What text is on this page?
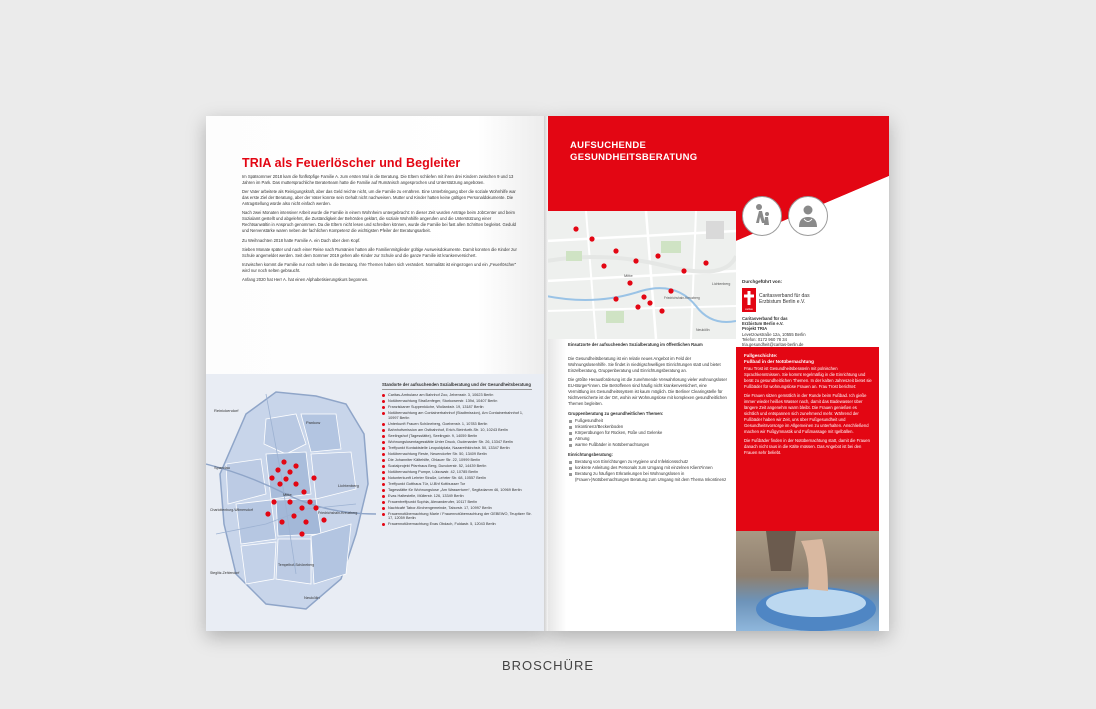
TRIA als Feuerlöscher und Begleiter

Im Spätsommer 2018 kam die fünfköpfige Familie A. zum ersten Mal in die Beratung. Die Eltern schliefen mit ihren drei Kindern zwischen 9 und 13 Jahren im Park. Das muttersprachliche Beraterteam hatte die Familie auf Rumänisch angesprochen und Unterstützung angeboten.

Der Vater arbeitete als Reinigungskraft, aber das Geld reichte nicht, um die Familie zu ernähren. Eine Unterbringung über die soziale Wohnhilfe war das erste Ziel der Beratung, aber der Vater konnte sein Gehalt nicht nachweisen. Mutter und Kinder hatten keine gültigen Personaldokumente. Die Antragstellung würde also nicht einfach werden.

Nach zwei Monaten intensiver Arbeit wurde die Familie in einem Wohnheim untergebracht: In dieser Zeit wurden Anträge beim JobCenter und beim Sozialamt gestellt und abgelehnt, die Zuständigkeit der Behörden geklärt, die soziale Wohnhilfe angerufen und die Unterstützung einer Rechtsanwältin in Anspruch genommen. Da die Eltern nicht lesen und schreiben können, wurde die Familie bei fast allen Schritten begleitet. Geduld und Nervenstärke waren neben der fachlichen Kompetenz die wichtigsten Pfeiler der Beratungsarbeit.

Zu Weihnachten 2018 hatte Familie A. ein Dach über dem Kopf.

Sieben Monate später und nach einer Reise nach Rumänien hatten alle Familienmitglieder gültige Ausweisdokumente. Damit konnten die Kinder zur Schule angemeldet werden. Seit dem Sommer 2019 gehen alle Kinder zur Schule und die ganze Familie ist krankenversichert.

Inzwischen kommt die Familie nur noch selten in die Beratung. Ihre Themen haben sich verändert. Normalität ist eingezogen und ein „Feuerlöscher“ wird nur noch selten gebraucht.

Anfang 2020 hat Herr A. hat einen Alphabetisierungskurs begonnen.

Reinickendorf
Pankow
Spandau
Mitte
Lichtenberg
Charlottenburg-Wilmersdorf
Friedrichshain-Kreuzberg
Tempelhof-Schöneberg
Steglitz-Zehlendorf
Neukölln
Standorte der aufsuchenden Sozialberatung und der Gesundheitsberatung
Caritas-Ambulanz am Bahnhof Zoo, Jebensstr. 3, 10623 Berlin
Notübernachtung Straßenfeger, Storkowerstr. 139d, 10407 Berlin
Franziskaner Suppenküche, Wollankstr. 19, 13187 Berlin
Notübernachtung am Containerbahnhof (Stadtmission), Am Containerbahnhof 1, 10997 Berlin
Unterkunft Frauen Schöneberg, Goebenstr. 1, 10783 Berlin
Bahnhofsmission am Ostbahnhof, Erich-Steinfurth-Str. 10, 10243 Berlin
Seelingshof (Tagesstätte), Seelingstr. 9, 14059 Berlin
Wohnungslosentagesstätte Unter Druck, Oudenarder Str. 26, 13347 Berlin
Treffpunkt Kontaktstelle Leopoldplatz, Nazarethkirchstr. 50, 13347 Berlin
Notübernachtung Reste, Neuendorfer Str. 50, 13409 Berlin
Die Johanniter Kältehilfe, Ohlauer Str. 22, 10999 Berlin
Sozialprojekt Pfarrhaus Berg, Dunckerstr. 52, 14439 Berlin
Notübernachtung Pumpe, Lützowstr. 42, 10785 Berlin
Notunterkunft Lehrter Straße, Lehrter Str. 68, 10557 Berlin
Treffpunkt Gotthaus Tür, U-Bhf Kottbusser Tor
Tagesstätte für Wohnungslose „Am Wasserturm“, Segitzdamm 46, 10969 Berlin
Evas Haltestelle, Müllerstr. 126, 13349 Berlin
Frauentreffpunkt Sophia, Alexanderufer, 10117 Berlin
Nachtcafé Tabor-Kirchengemeinde, Taborstr. 17, 10997 Berlin
Frauennotübernachtung Marie / Frauennotübernachtung der GEBEWO, Teupitzer Str. 17, 12059 Berlin
Frauennotübernachtung Evas Obdach, Fuldastr. 5, 12043 Berlin
AUFSUCHENDE
GESUNDHEITSBERATUNG
Mitte
Lichtenberg
Friedrichshain-Kreuzberg
Neukölln
Durchgeführt von:
caritas
Caritasverband für das
Erzbistum Berlin e.V.
Caritasverband für das
Erzbistum Berlin e.V.
Projekt TRIA
Levetzowstraße 12a, 10555 Berlin
Telefon: 0172 960 78 34
tria.gesundheit@caritas-berlin.de
Einsatzorte der aufsuchenden Sozialberatung im öffentlichen Raum

Die Gesundheitsberatung ist ein relativ neues Angebot im Feld der Wohnungslosenhilfe. Sie findet in niedrigschwelligen Einrichtungen statt und bietet Einzelberatung, Gruppenberatung und Einrichtungsberatung an.

Die größte Herausforderung ist die zunehmende Verwahrlosung vieler wohnungsloser EU-Bürger*innen. Die Betroffenen sind häufig nicht krankenversichert, eine Vermittlung ins Gesundheitssystem ist kaum möglich. Die Berliner Clearingstelle für Nichtversicherte ist der Ort, wohin wir Wohnungslose mit komplexen gesundheitlichen Themen begleiten.

Gruppenberatung zu gesundheitlichen Themen:

Fußgesundheit

Inkontinenz/Beckenboden

Körperübungen für Rücken, Füße und Gelenke

Atmung

warme Fußbäder in Notübernachtungen

Einrichtungsberatung:

Beratung von Einrichtungen zu Hygiene und Infektionsschutz

konkrete Anleitung des Personals zum Umgang mit einzelnen Klient*innen

Beratung zu häufigen Erkrankungen bei Wohnungslosen in (Frauen-)Notübernachtungen Beratung zum Umgang mit dem Thema Inkontinenz

Fallgeschichte:
Fußbad in der Notübernachtung

Frau Trost ist Gesundheitsberaterin mit polnischen Sprachkenntnissen. Sie kommt regelmäßig in die Einrichtung und berät zu gesundheitlichen Themen. In der kalten Jahreszeit bietet sie Fußbäder für wohnungslose Frauen an. Frau Trost berichtet:

Die Frauen sitzen gemütlich in der Runde beim Fußbad. Ich gieße immer wieder heißes Wasser nach, damit das Badewasser über längere Zeit angenehm warm bleibt. Die Frauen genießen es sichtlich und entspannen sich zunehmend mehr. Während der Fußbäder haben wir Zeit, uns über Fußgesundheit und Gesundheitsvorsorge im Allgemeinen zu unterhalten. Anschließend machen wir Fußgymnastik und Fußmassage mit Igelbällen.

Die Fußbäder finden in der Notübernachtung statt, damit die Frauen danach nicht raus in die Kälte müssen. Das Angebot ist bei den Frauen sehr beliebt.

BROSCHÜRE
